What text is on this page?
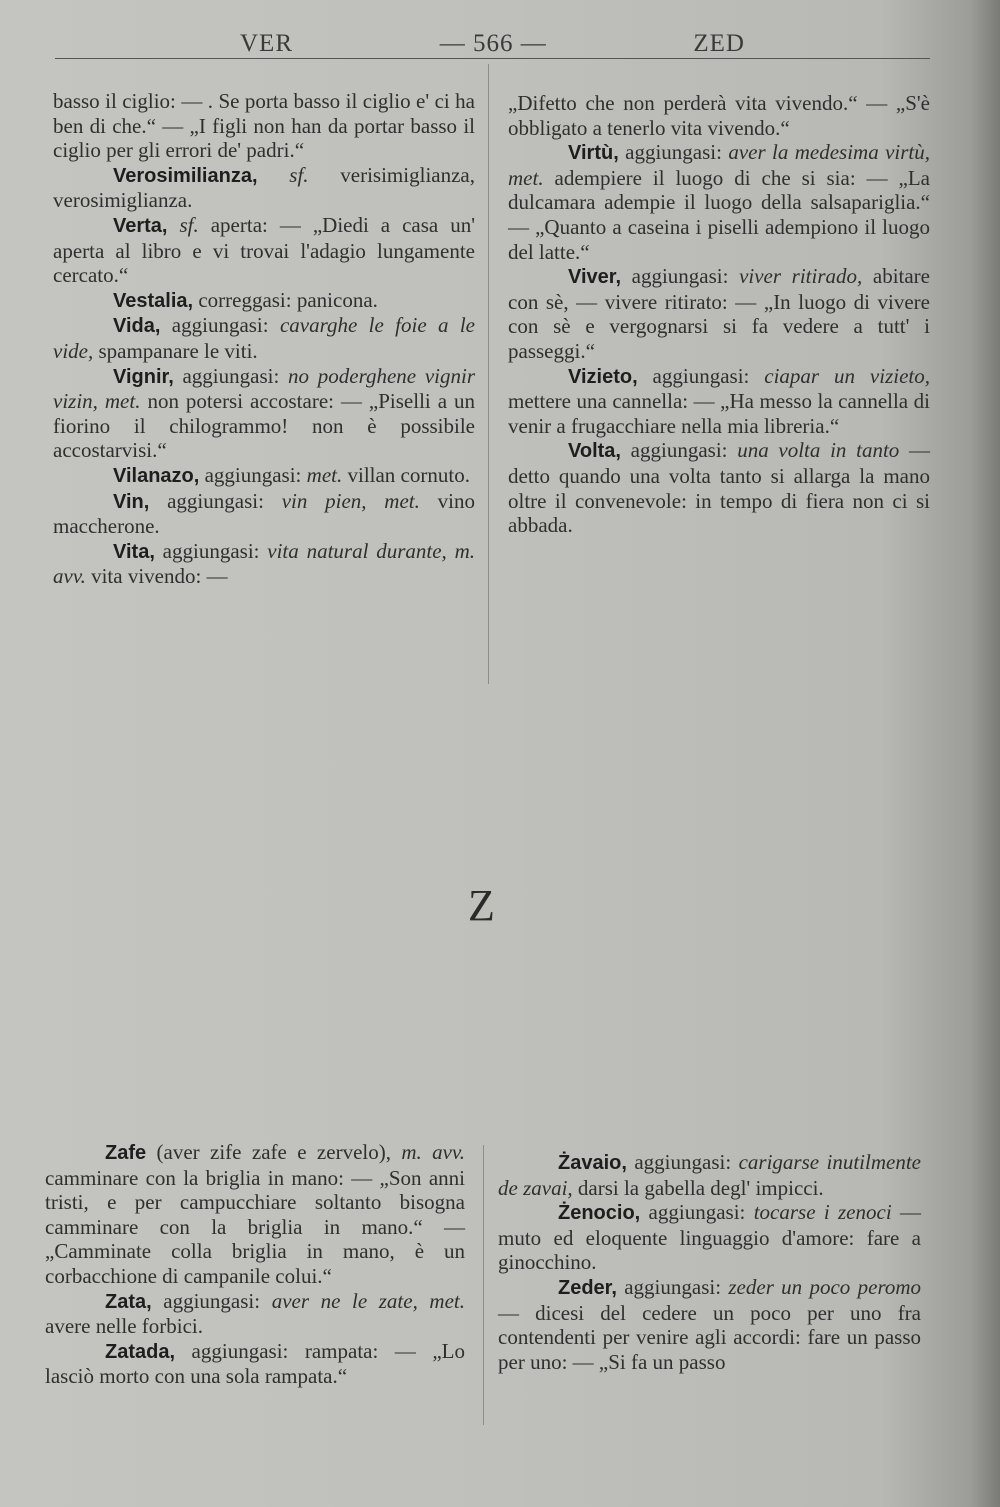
VER	— 566 —	ZED

basso il ciglio: — . Se porta basso il ciglio e' ci ha ben di che.“ — „I figli non han da portar basso il ciglio per gli errori de' padri.“

Verosimilianza, sf. verisimiglianza, verosimiglianza.

Verta, sf. aperta: — „Diedi a casa un' aperta al libro e vi trovai l'adagio lungamente cercato.“

Vestalia, correggasi: panicona.

Vida, aggiungasi: cavarghe le foie a le vide, spampanare le viti.

Vignir, aggiungasi: no poderghene vignir vizin, met. non potersi accostare: — „Piselli a un fiorino il chilogrammo! non è possibile accostarvisi.“

Vilanazo, aggiungasi: met. villan cornuto.

Vin, aggiungasi: vin pien, met. vino maccherone.

Vita, aggiungasi: vita natural durante, m. avv. vita vivendo: —

„Difetto che non perderà vita vivendo.“ — „S'è obbligato a tenerlo vita vivendo.“

Virtù, aggiungasi: aver la medesima virtù, met. adempiere il luogo di che si sia: — „La dulcamara adempie il luogo della salsapariglia.“ — „Quanto a caseina i piselli adempiono il luogo del latte.“

Viver, aggiungasi: viver ritirado, abitare con sè, — vivere ritirato: — „In luogo di vivere con sè e vergognarsi si fa vedere a tutt' i passeggi.“

Vizieto, aggiungasi: ciapar un vizieto, mettere una cannella: — „Ha messo la cannella di venir a frugacchiare nella mia libreria.“

Volta, aggiungasi: una volta in tanto — detto quando una volta tanto si allarga la mano oltre il convenevole: in tempo di fiera non ci si abbada.

Z

Zafe (aver zife zafe e zervelo), m. avv. camminare con la briglia in mano: — „Son anni tristi, e per campucchiare soltanto bisogna camminare con la briglia in mano.“ — „Camminate colla briglia in mano, è un corbacchione di campanile colui.“

Zata, aggiungasi: aver ne le zate, met. avere nelle forbici.

Zatada, aggiungasi: rampata: — „Lo lasciò morto con una sola rampata.“

Żavaio, aggiungasi: carigarse inutilmente de zavai, darsi la gabella degl' impicci.

Żenocio, aggiungasi: tocarse i zenoci — muto ed eloquente linguaggio d'amore: fare a ginocchino.

Zeder, aggiungasi: zeder un poco peromo — dicesi del cedere un poco per uno fra contendenti per venire agli accordi: fare un passo per uno: — „Si fa un passo
